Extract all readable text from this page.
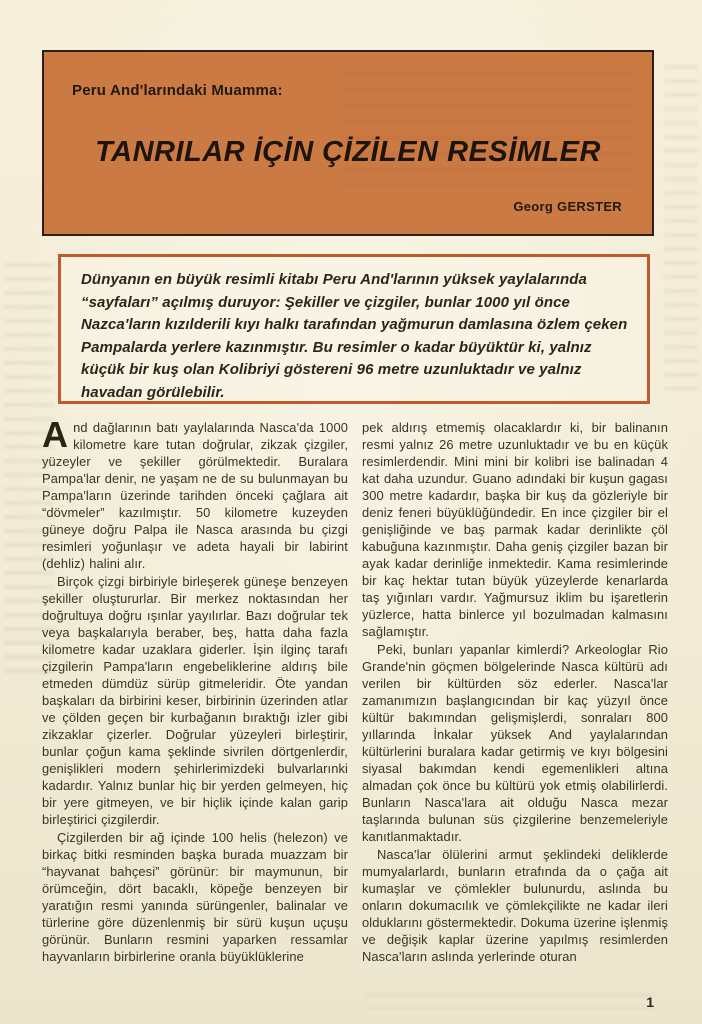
Peru And'larındaki Muamma:
TANRILAR İÇİN ÇİZİLEN RESİMLER
Georg GERSTER

Dünyanın en büyük resimli kitabı Peru And'larının yüksek yaylalarında “sayfaları” açılmış duruyor: Şekiller ve çizgiler, bunlar 1000 yıl önce Nazca'ların kızılderili kıyı halkı tarafından yağmurun damlasına özlem çeken Pampalarda yerlere kazınmıştır. Bu resimler o kadar büyüktür ki, yalnız küçük bir kuş olan Kolibriyi göstereni 96 metre uzunluktadır ve yalnız havadan görülebilir.

And dağlarının batı yaylalarında Nasca'da 1000 kilometre kare tutan doğrular, zikzak çizgiler, yüzeyler ve şekiller görülmektedir. Buralara Pampa'lar denir, ne yaşam ne de su bulunmayan bu Pampa'ların üzerinde tarihden önceki çağlara ait “dövmeler” kazılmıştır. 50 kilometre kuzeyden güneye doğru Palpa ile Nasca arasında bu çizgi resimleri yoğunlaşır ve adeta hayali bir labirint (dehliz) halini alır.

Birçok çizgi birbiriyle birleşerek güneşe benzeyen şekiller oluştururlar. Bir merkez noktasından her doğrultuya doğru ışınlar yayılırlar. Bazı doğrular tek veya başkalarıyla beraber, beş, hatta daha fazla kilometre kadar uzaklara giderler. İşin ilginç tarafı çizgilerin Pampa'ların engebeliklerine aldırış bile etmeden dümdüz sürüp gitmeleridir. Öte yandan başkaları da birbirini keser, birbirinin üzerinden atlar ve çölden geçen bir kurbağanın bıraktığı izler gibi zikzaklar çizerler. Doğrular yüzeyleri birleştirir, bunlar çoğun kama şeklinde sivrilen dörtgenlerdir, genişlikleri modern şehirlerimizdeki bulvarlarınki kadardır. Yalnız bunlar hiç bir yerden gelmeyen, hiç bir yere gitmeyen, ve bir hiçlik içinde kalan garip birleştirici çizgilerdir.

Çizgilerden bir ağ içinde 100 helis (helezon) ve birkaç bitki resminden başka burada muazzam bir “hayvanat bahçesi” görünür: bir maymunun, bir örümceğin, dört bacaklı, köpeğe benzeyen bir yaratığın resmi yanında sürüngenler, balinalar ve türlerine göre düzenlenmiş bir sürü kuşun uçuşu görünür. Bunların resmini yaparken ressamlar hayvanların birbirlerine oranla büyüklüklerine

pek aldırış etmemiş olacaklardır ki, bir balinanın resmi yalnız 26 metre uzunluktadır ve bu en küçük resimlerdendir. Mini mini bir kolibri ise balinadan 4 kat daha uzundur. Guano adındaki bir kuşun gagası 300 metre kadardır, başka bir kuş da gözleriyle bir deniz feneri büyüklüğündedir. En ince çizgiler bir el genişliğinde ve baş parmak kadar derinlikte çöl kabuğuna kazınmıştır. Daha geniş çizgiler bazan bir ayak kadar derinliğe inmektedir. Kama resimlerinde bir kaç hektar tutan büyük yüzeylerde kenarlarda taş yığınları vardır. Yağmursuz iklim bu işaretlerin yüzlerce, hatta binlerce yıl bozulmadan kalmasını sağlamıştır.

Peki, bunları yapanlar kimlerdi? Arkeologlar Rio Grande'nin göçmen bölgelerinde Nasca kültürü adı verilen bir kültürden söz ederler. Nasca'lar zamanımızın başlangıcından bir kaç yüzyıl önce kültür bakımından gelişmişlerdi, sonraları 800 yıllarında İnkalar yüksek And yaylalarından kültürlerini buralara kadar getirmiş ve kıyı bölgesini siyasal bakımdan kendi egemenlikleri altına almadan çok önce bu kültürü yok etmiş olabilirlerdi. Bunların Nasca'lara ait olduğu Nasca mezar taşlarında bulunan süs çizgilerine benzemeleriyle kanıtlanmaktadır.

Nasca'lar ölülerini armut şeklindeki deliklerde mumyalarlardı, bunların etrafında da o çağa ait kumaşlar ve çömlekler bulunurdu, aslında bu onların dokumacılık ve çömlekçilikte ne kadar ileri olduklarını göstermektedir. Dokuma üzerine işlenmiş ve değişik kaplar üzerine yapılmış resimlerden Nasca'ların aslında yerlerinde oturan

1
